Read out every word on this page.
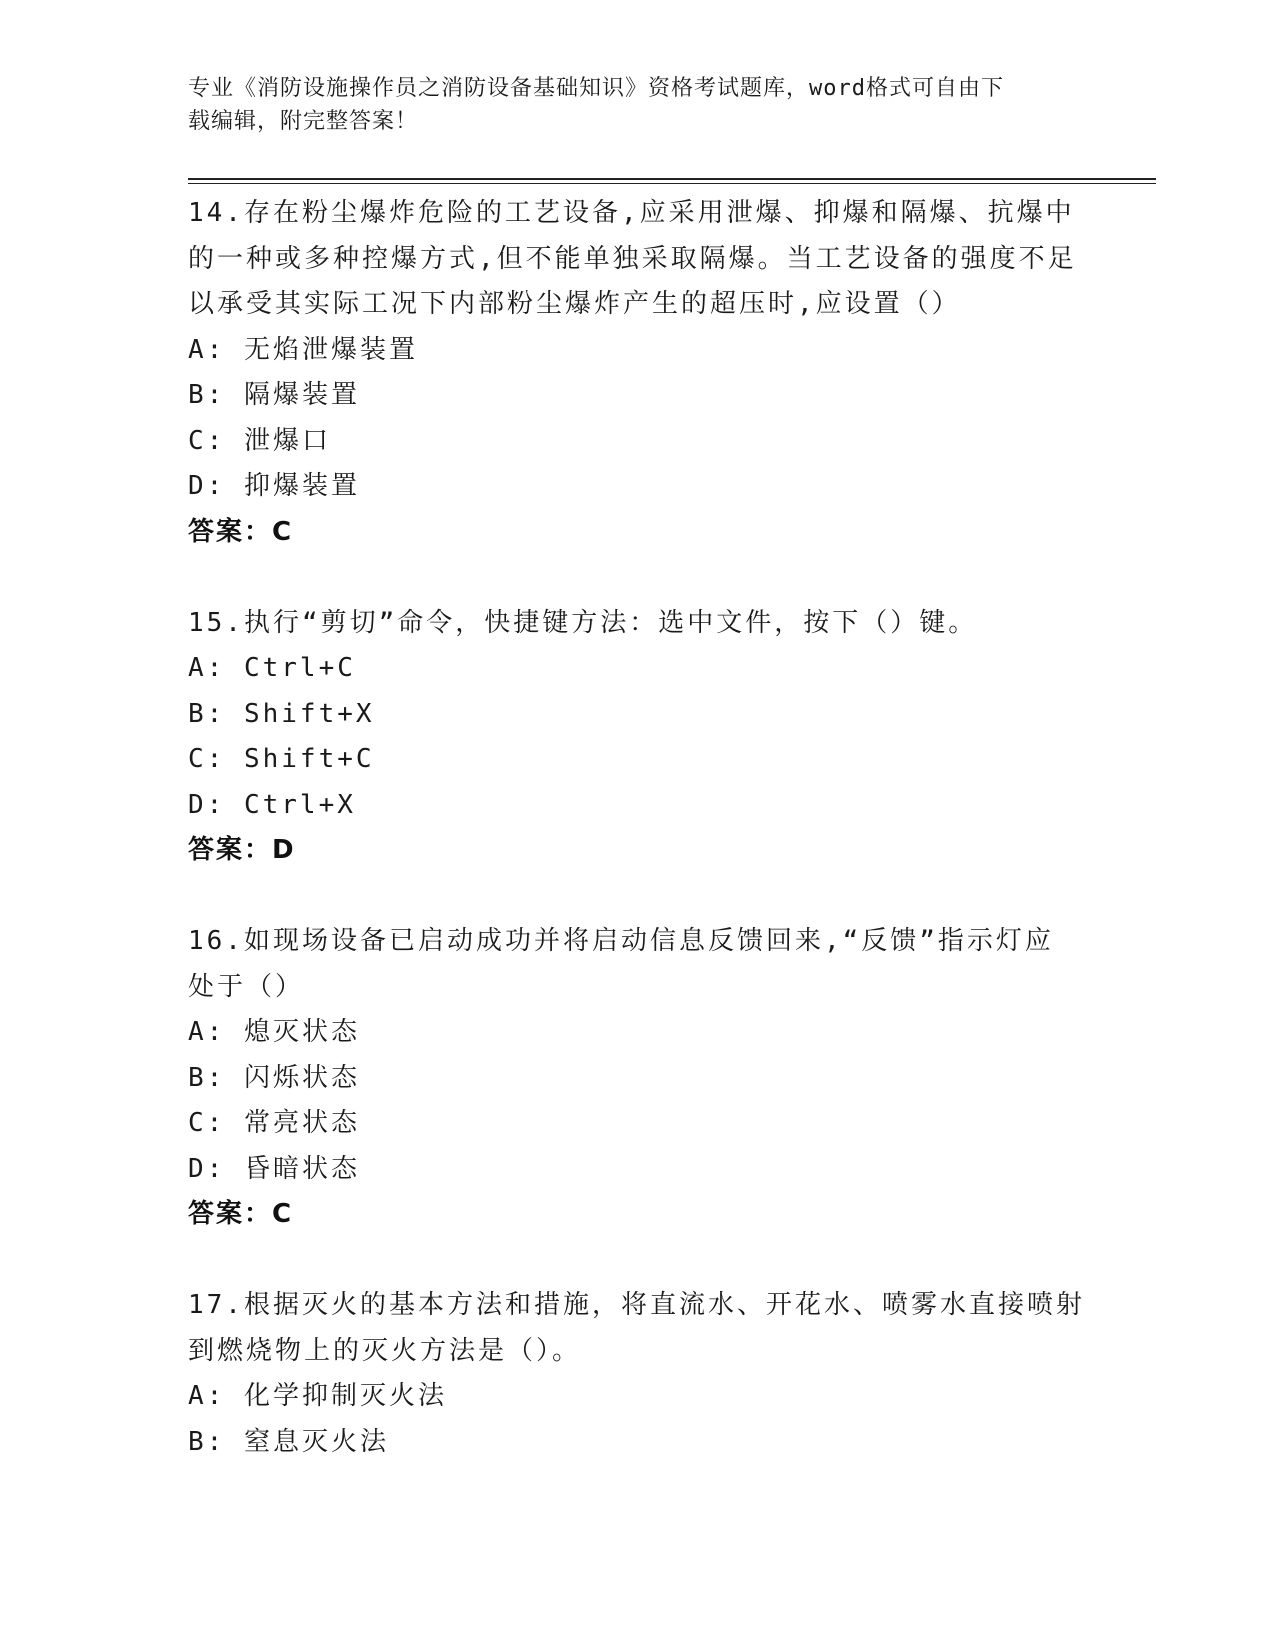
专业《消防设施操作员之消防设备基础知识》资格考试题库，word格式可自由下
载编辑，附完整答案！
14.存在粉尘爆炸危险的工艺设备,应采用泄爆、抑爆和隔爆、抗爆中
的一种或多种控爆方式,但不能单独采取隔爆。当工艺设备的强度不足
以承受其实际工况下内部粉尘爆炸产生的超压时,应设置（）
A: 无焰泄爆装置
B: 隔爆装置
C: 泄爆口
D: 抑爆装置
答案：C
15.执行“剪切”命令，快捷键方法：选中文件，按下（）键。
A: Ctrl+C
B: Shift+X
C: Shift+C
D: Ctrl+X
答案：D
16.如现场设备已启动成功并将启动信息反馈回来,“反馈”指示灯应
处于（）
A: 熄灭状态
B: 闪烁状态
C: 常亮状态
D: 昏暗状态
答案：C
17.根据灭火的基本方法和措施，将直流水、开花水、喷雾水直接喷射
到燃烧物上的灭火方法是（）。
A: 化学抑制灭火法
B: 窒息灭火法
